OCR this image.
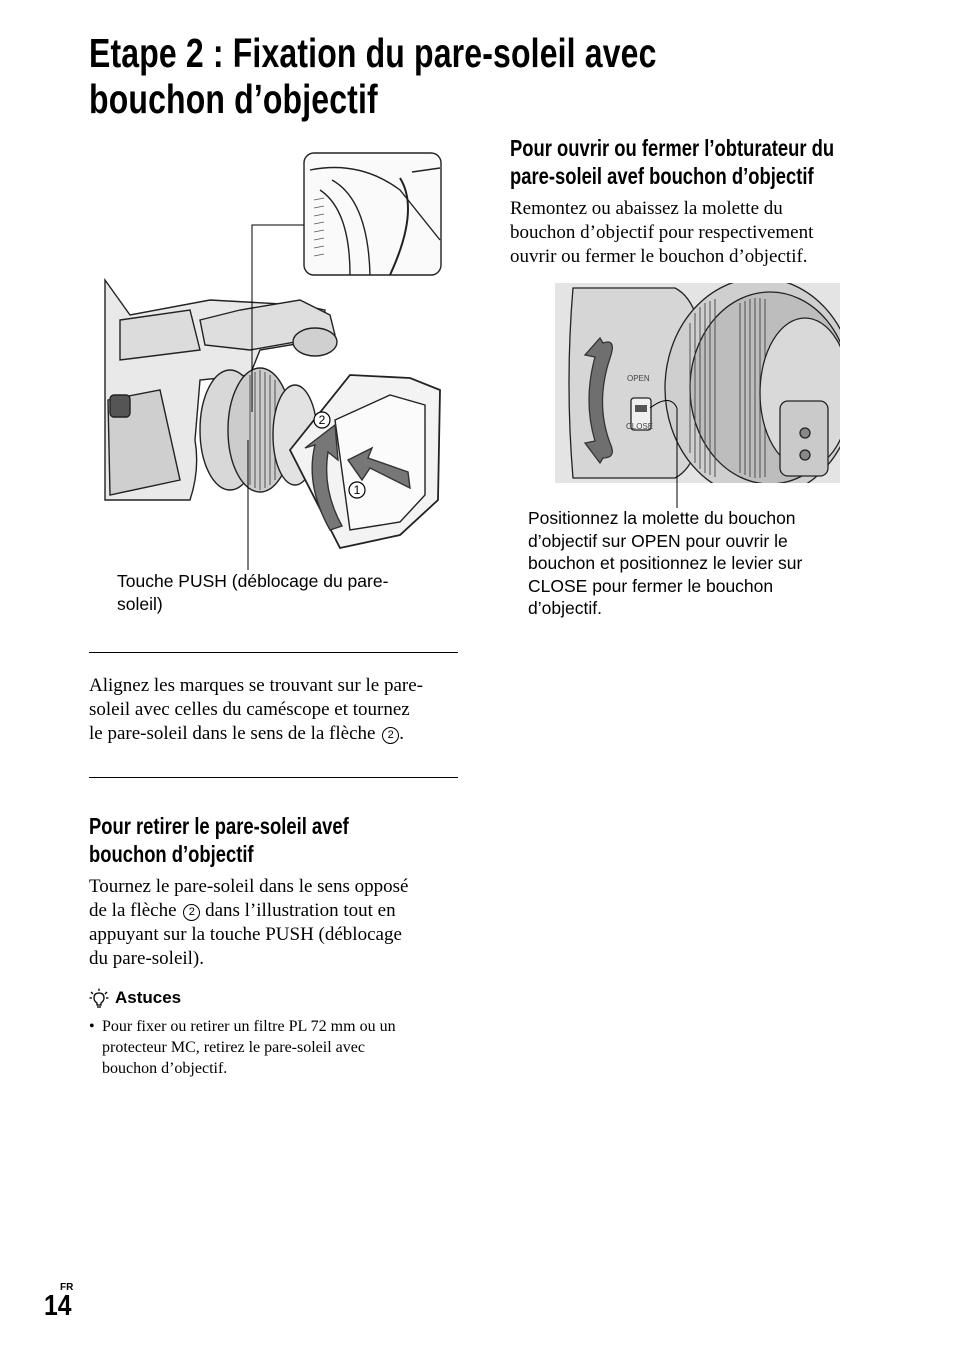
Etape 2 : Fixation du pare-soleil avec
bouchon d’objectif
2
1
Touche PUSH (déblocage du pare-
soleil)
Alignez les marques se trouvant sur le pare-
soleil avec celles du caméscope et tournez
le pare-soleil dans le sens de la flèche 2 .
Pour retirer le pare-soleil avef
bouchon d’objectif
Tournez le pare-soleil dans le sens opposé
de la flèche 2 dans l’illustration tout en
appuyant sur la touche PUSH (déblocage
du pare-soleil).
Astuces
• Pour fixer ou retirer un filtre PL 72 mm ou un
protecteur MC, retirez le pare-soleil avec
bouchon d’objectif.
Pour ouvrir ou fermer l’obturateur du
pare-soleil avef bouchon d’objectif
Remontez ou abaissez la molette du
bouchon d’objectif pour respectivement
ouvrir ou fermer le bouchon d’objectif.
OPEN
CLOSE
Positionnez la molette du bouchon
d’objectif sur OPEN pour ouvrir le
bouchon et positionnez le levier sur
CLOSE pour fermer le bouchon
d’objectif.
FR
14
